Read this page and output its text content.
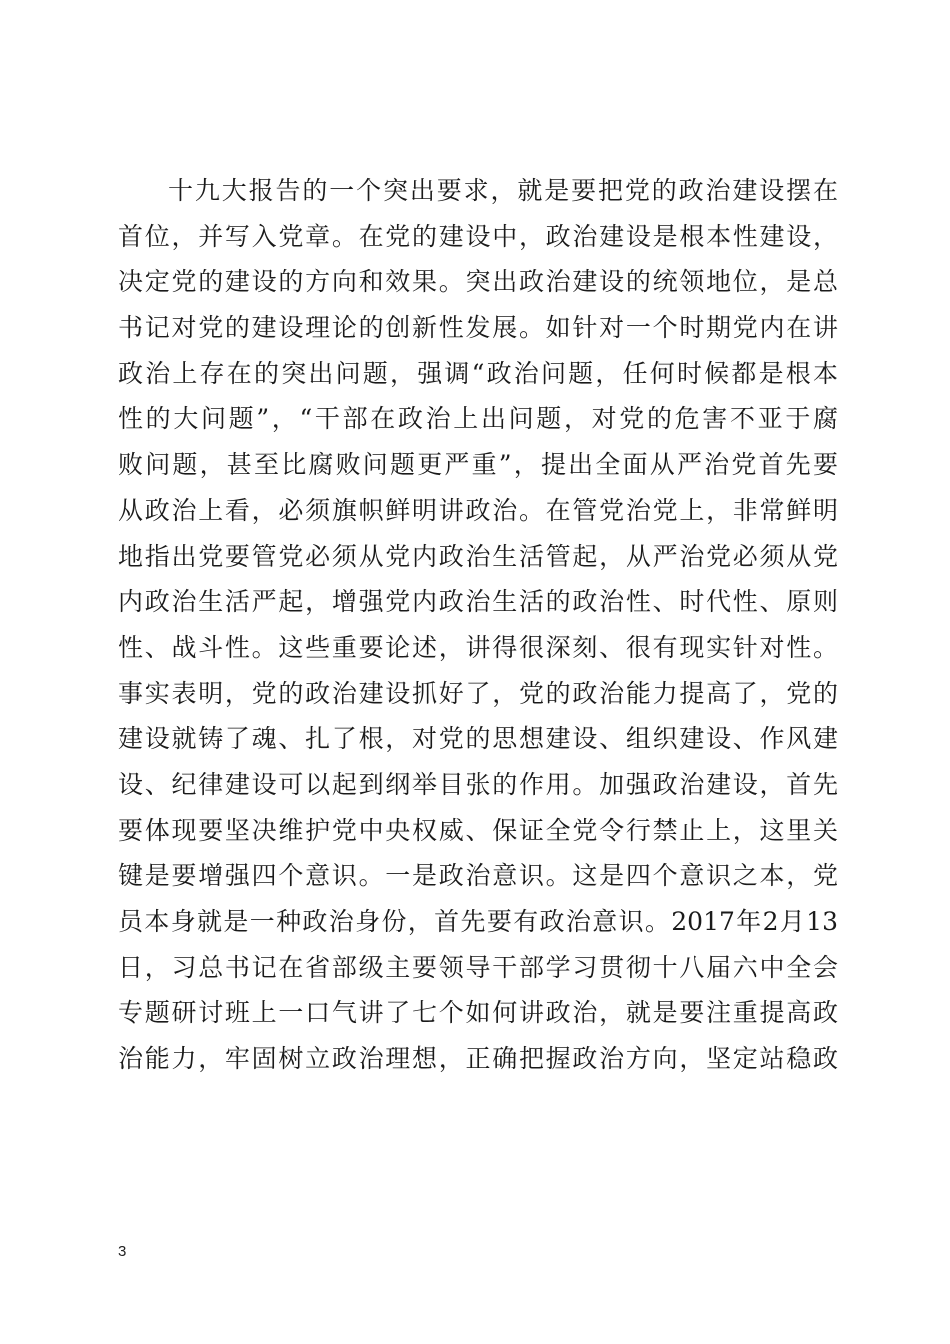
十九大报告的一个突出要求，就是要把党的政治建设摆在
首位，并写入党章。在党的建设中，政治建设是根本性建设，
决定党的建设的方向和效果。突出政治建设的统领地位，是总
书记对党的建设理论的创新性发展。如针对一个时期党内在讲
政治上存在的突出问题，强调“政治问题，任何时候都是根本
性的大问题”，“干部在政治上出问题，对党的危害不亚于腐
败问题，甚至比腐败问题更严重”，提出全面从严治党首先要
从政治上看，必须旗帜鲜明讲政治。在管党治党上，非常鲜明
地指出党要管党必须从党内政治生活管起，从严治党必须从党
内政治生活严起，增强党内政治生活的政治性、时代性、原则
性、战斗性。这些重要论述，讲得很深刻、很有现实针对性。
事实表明，党的政治建设抓好了，党的政治能力提高了，党的
建设就铸了魂、扎了根，对党的思想建设、组织建设、作风建
设、纪律建设可以起到纲举目张的作用。加强政治建设，首先
要体现要坚决维护党中央权威、保证全党令行禁止上，这里关
键是要增强四个意识。一是政治意识。这是四个意识之本，党
员本身就是一种政治身份，首先要有政治意识。2017年2月13
日，习总书记在省部级主要领导干部学习贯彻十八届六中全会
专题研讨班上一口气讲了七个如何讲政治，就是要注重提高政
治能力，牢固树立政治理想，正确把握政治方向，坚定站稳政
3
